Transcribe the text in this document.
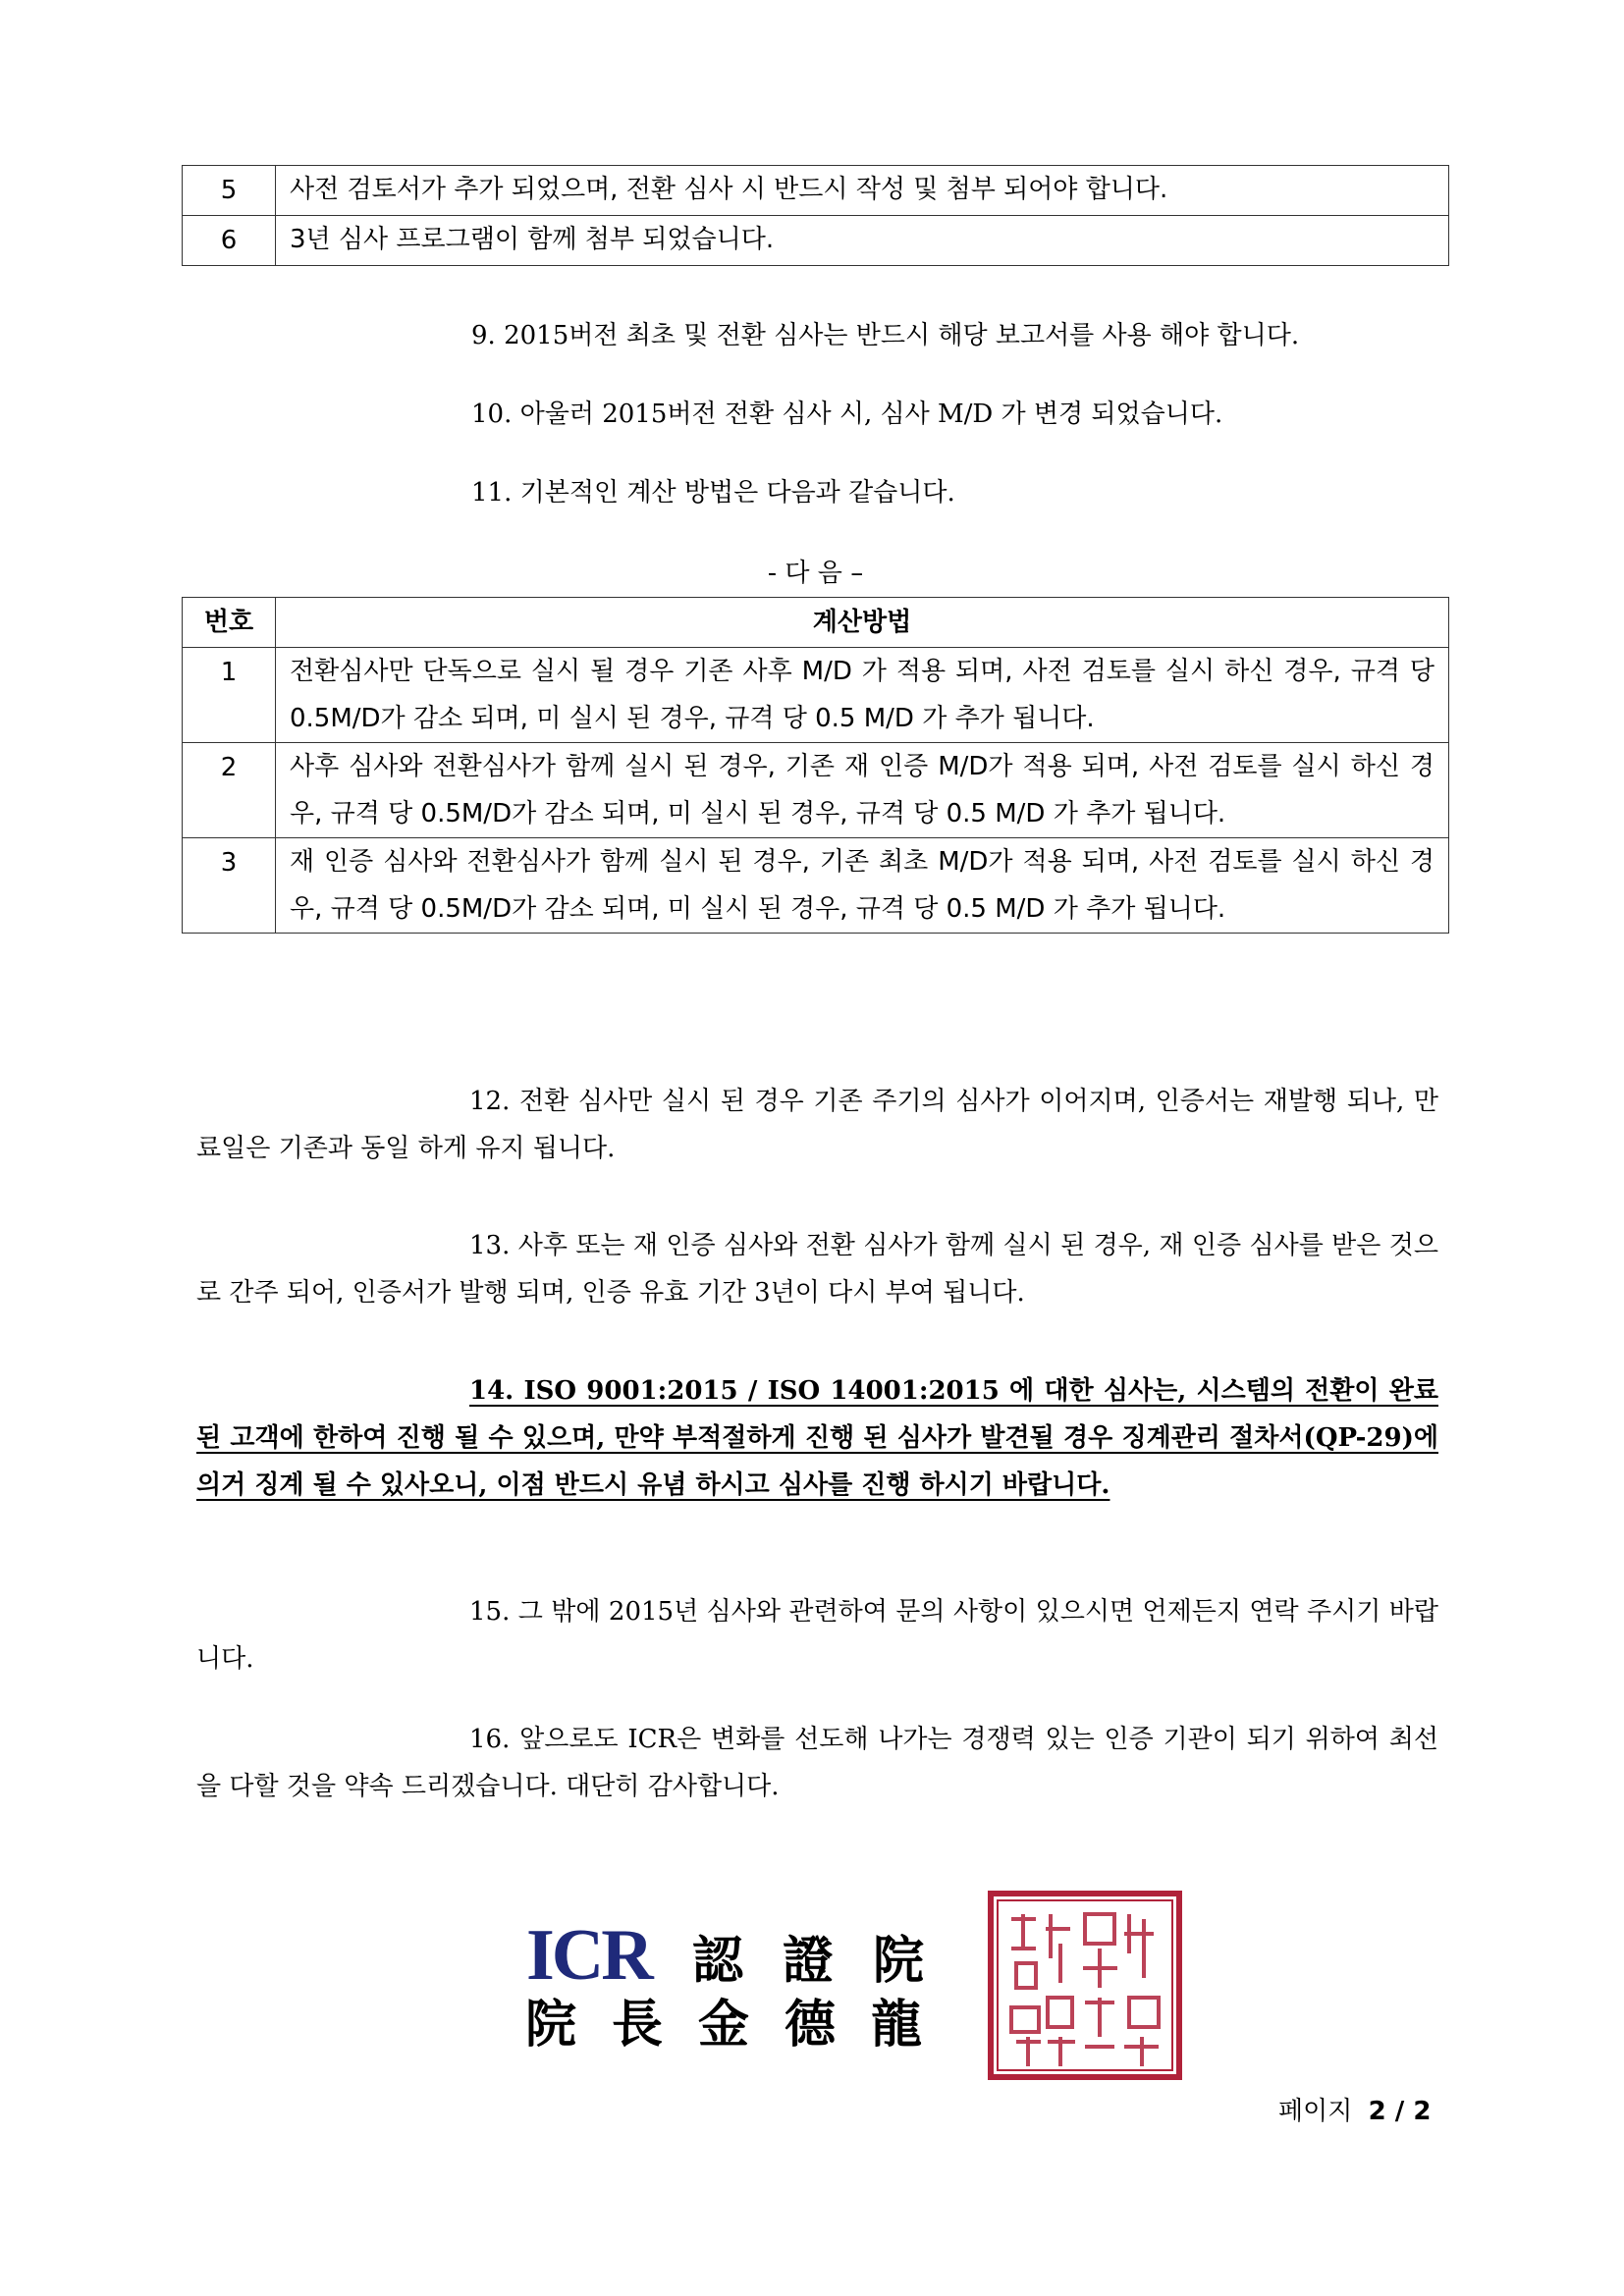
5	사전 검토서가 추가 되었으며, 전환 심사 시 반드시 작성 및 첨부 되어야 합니다.
6	3년 심사 프로그램이 함께 첨부 되었습니다.
9. 2015버전 최초 및 전환 심사는 반드시 해당 보고서를 사용 해야 합니다.
10. 아울러 2015버전 전환 심사 시, 심사 M/D 가 변경 되었습니다.
11. 기본적인 계산 방법은 다음과 같습니다.
- 다 음 –
번호	계산방법
1	전환심사만 단독으로 실시 될 경우 기존 사후 M/D 가 적용 되며, 사전 검토를 실시 하신 경우, 규격 당 0.5M/D가 감소 되며, 미 실시 된 경우, 규격 당 0.5 M/D 가 추가 됩니다.
2	사후 심사와 전환심사가 함께 실시 된 경우, 기존 재 인증 M/D가 적용 되며, 사전 검토를 실시 하신 경우, 규격 당 0.5M/D가 감소 되며, 미 실시 된 경우, 규격 당 0.5 M/D 가 추가 됩니다.
3	재 인증 심사와 전환심사가 함께 실시 된 경우, 기존 최초 M/D가 적용 되며, 사전 검토를 실시 하신 경우, 규격 당 0.5M/D가 감소 되며, 미 실시 된 경우, 규격 당 0.5 M/D 가 추가 됩니다.
12. 전환 심사만 실시 된 경우 기존 주기의 심사가 이어지며, 인증서는 재발행 되나, 만료일은 기존과 동일 하게 유지 됩니다.
13. 사후 또는 재 인증 심사와 전환 심사가 함께 실시 된 경우, 재 인증 심사를 받은 것으로 간주 되어, 인증서가 발행 되며, 인증 유효 기간 3년이 다시 부여 됩니다.
14. ISO 9001:2015 / ISO 14001:2015 에 대한 심사는, 시스템의 전환이 완료된 고객에 한하여 진행 될 수 있으며, 만약 부적절하게 진행 된 심사가 발견될 경우 징계관리 절차서(QP-29)에 의거 징계 될 수 있사오니, 이점 반드시 유념 하시고 심사를 진행 하시기 바랍니다.
15. 그 밖에 2015년 심사와 관련하여 문의 사항이 있으시면 언제든지 연락 주시기 바랍니다.
16. 앞으로도 ICR은 변화를 선도해 나가는 경쟁력 있는 인증 기관이 되기 위하여 최선을 다할 것을 약속 드리겠습니다. 대단히 감사합니다.
ICR 認證院
院長金德龍
페이지 2 / 2
